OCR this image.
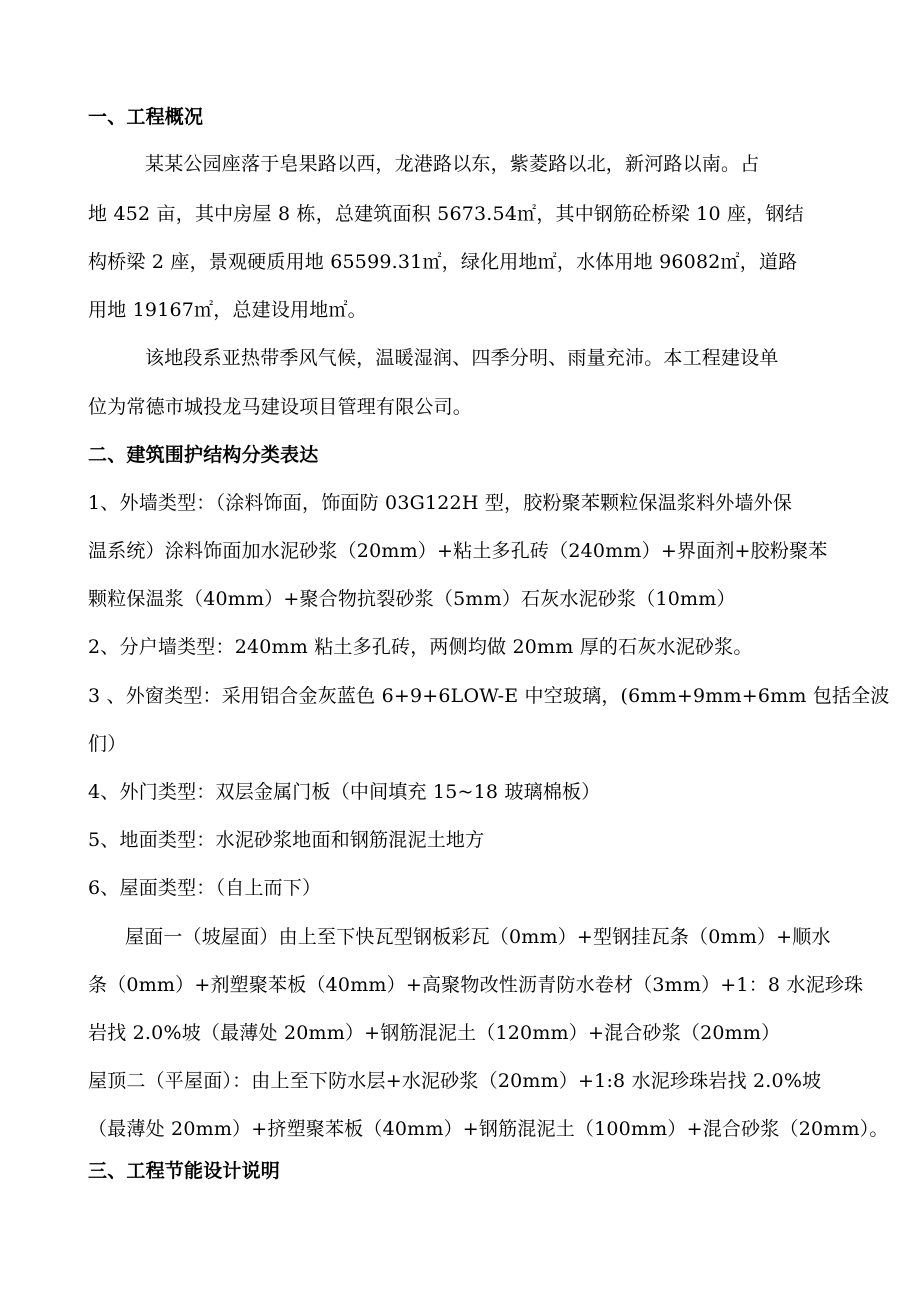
一、工程概况

某某公园座落于皂果路以西，龙港路以东，紫菱路以北，新河路以南。占

地 452 亩，其中房屋 8 栋，总建筑面积 5673.54㎡，其中钢筋砼桥梁 10 座，钢结

构桥梁 2 座，景观硬质用地 65599.31㎡，绿化用地㎡，水体用地 96082㎡，道路

用地 19167㎡，总建设用地㎡。

该地段系亚热带季风气候，温暖湿润、四季分明、雨量充沛。本工程建设单

位为常德市城投龙马建设项目管理有限公司。

二、建筑围护结构分类表达

1、外墙类型：（涂料饰面，饰面防 03G122H 型，胶粉聚苯颗粒保温浆料外墙外保

温系统）涂料饰面加水泥砂浆（20mm）+粘土多孔砖（240mm）+界面剂+胶粉聚苯

颗粒保温浆（40mm）+聚合物抗裂砂浆（5mm）石灰水泥砂浆（10mm）

2、分户墙类型：240mm 粘土多孔砖，两侧均做 20mm 厚的石灰水泥砂浆。

3 、外窗类型：采用铝合金灰蓝色 6+9+6LOW-E 中空玻璃，(6mm+9mm+6mm 包括全波

们）

4、外门类型：双层金属门板（中间填充 15~18 玻璃棉板）

5、地面类型：水泥砂浆地面和钢筋混泥土地方

6、屋面类型：（自上而下）

屋面一（坡屋面）由上至下快瓦型钢板彩瓦（0mm）+型钢挂瓦条（0mm）+顺水

条（0mm）+剂塑聚苯板（40mm）+高聚物改性沥青防水卷材（3mm）+1：8 水泥珍珠

岩找 2.0%坡（最薄处 20mm）+钢筋混泥土（120mm）+混合砂浆（20mm）

屋顶二（平屋面）：由上至下防水层+水泥砂浆（20mm）+1:8 水泥珍珠岩找 2.0%坡

（最薄处 20mm）+挤塑聚苯板（40mm）+钢筋混泥土（100mm）+混合砂浆（20mm）。

三、工程节能设计说明
